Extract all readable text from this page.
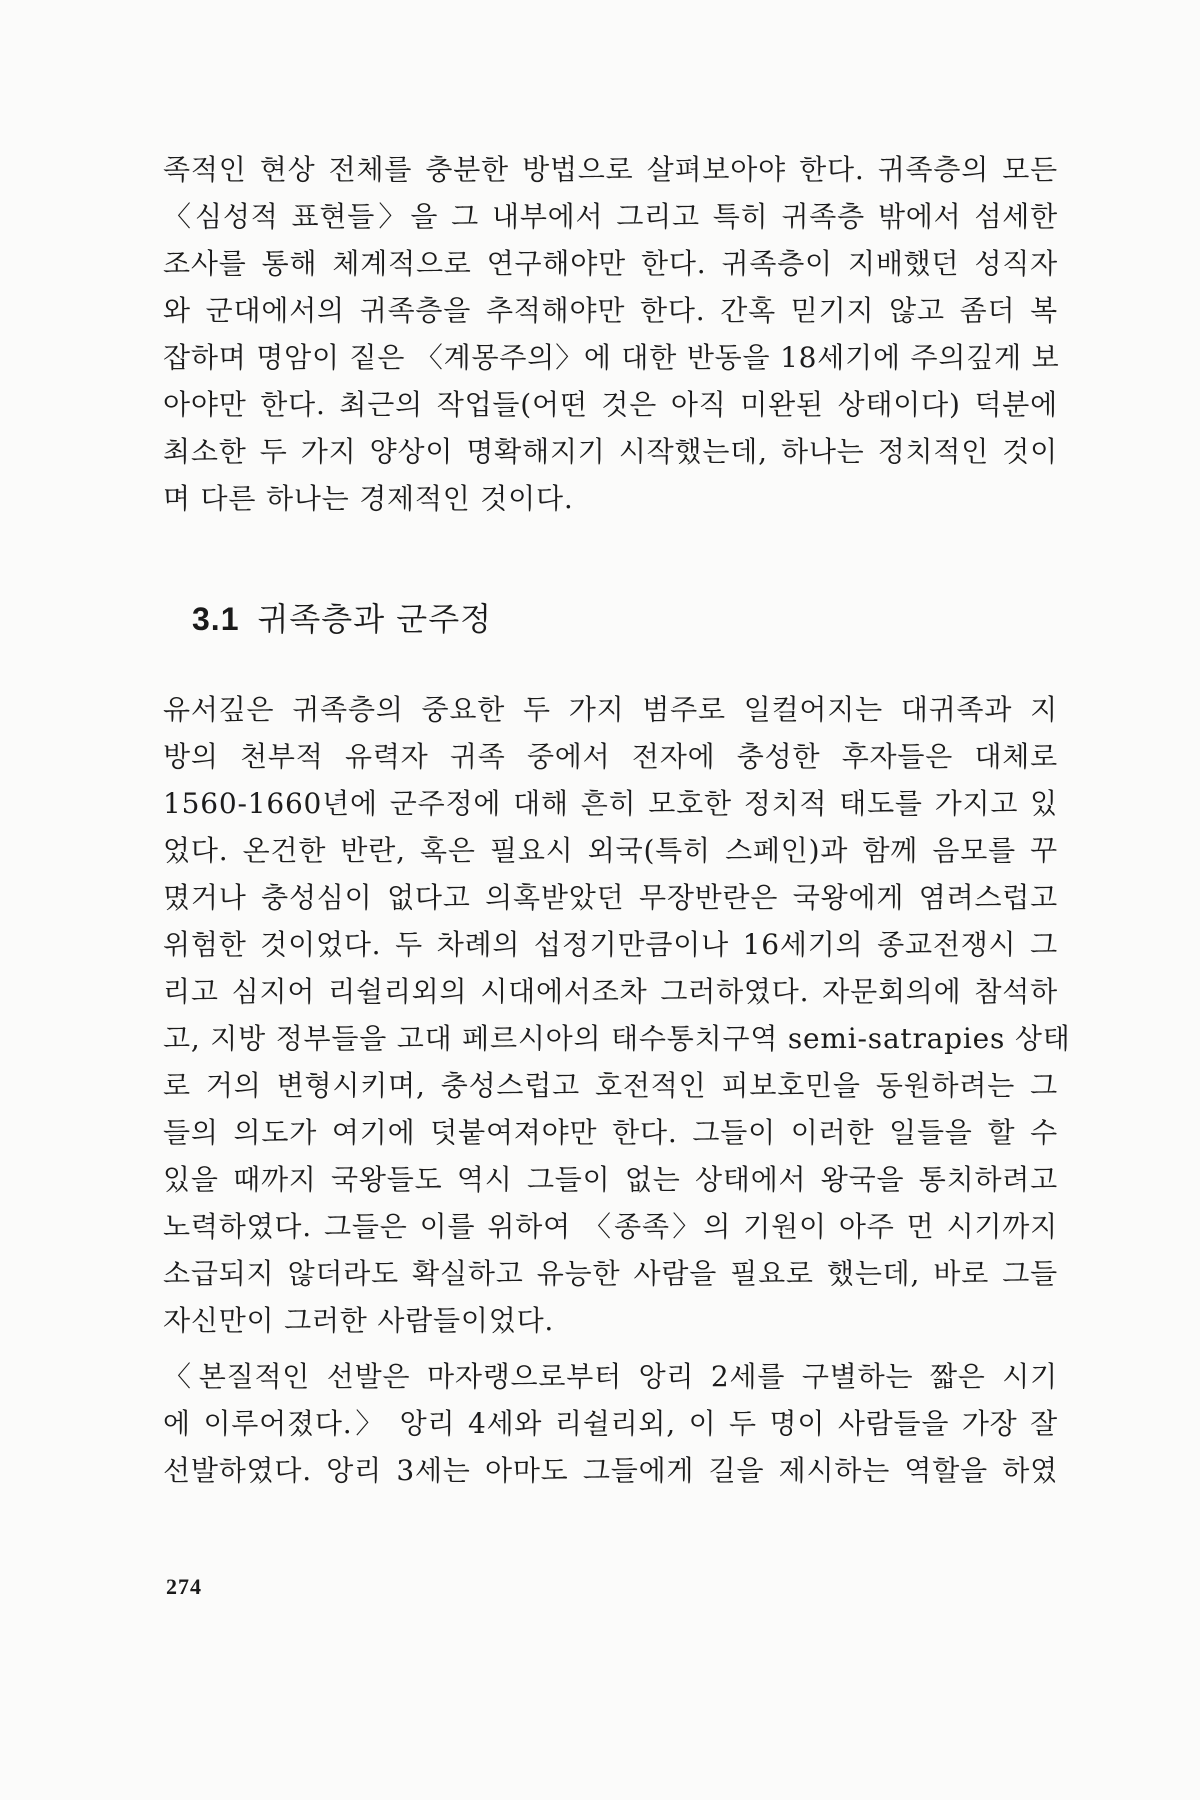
족적인 현상 전체를 충분한 방법으로 살펴보아야 한다. 귀족층의 모든
〈심성적 표현들〉을 그 내부에서 그리고 특히 귀족층 밖에서 섬세한
조사를 통해 체계적으로 연구해야만 한다. 귀족층이 지배했던 성직자
와 군대에서의 귀족층을 추적해야만 한다. 간혹 믿기지 않고 좀더 복
잡하며 명암이 짙은 〈계몽주의〉에 대한 반동을 18세기에 주의깊게 보
아야만 한다. 최근의 작업들(어떤 것은 아직 미완된 상태이다) 덕분에
최소한 두 가지 양상이 명확해지기 시작했는데, 하나는 정치적인 것이
며 다른 하나는 경제적인 것이다.
3.1 귀족층과 군주정
유서깊은 귀족층의 중요한 두 가지 범주로 일컬어지는 대귀족과 지
방의 천부적 유력자 귀족 중에서 전자에 충성한 후자들은 대체로
1560-1660년에 군주정에 대해 흔히 모호한 정치적 태도를 가지고 있
었다. 온건한 반란, 혹은 필요시 외국(특히 스페인)과 함께 음모를 꾸
몄거나 충성심이 없다고 의혹받았던 무장반란은 국왕에게 염려스럽고
위험한 것이었다. 두 차례의 섭정기만큼이나 16세기의 종교전쟁시 그
리고 심지어 리쉴리외의 시대에서조차 그러하였다. 자문회의에 참석하
고, 지방 정부들을 고대 페르시아의 태수통치구역 semi-satrapies 상태
로 거의 변형시키며, 충성스럽고 호전적인 피보호민을 동원하려는 그
들의 의도가 여기에 덧붙여져야만 한다. 그들이 이러한 일들을 할 수
있을 때까지 국왕들도 역시 그들이 없는 상태에서 왕국을 통치하려고
노력하였다. 그들은 이를 위하여 〈종족〉의 기원이 아주 먼 시기까지
소급되지 않더라도 확실하고 유능한 사람을 필요로 했는데, 바로 그들
자신만이 그러한 사람들이었다.
〈본질적인 선발은 마자랭으로부터 앙리 2세를 구별하는 짧은 시기
에 이루어졌다.〉 앙리 4세와 리쉴리외, 이 두 명이 사람들을 가장 잘
선발하였다. 앙리 3세는 아마도 그들에게 길을 제시하는 역할을 하였
274
